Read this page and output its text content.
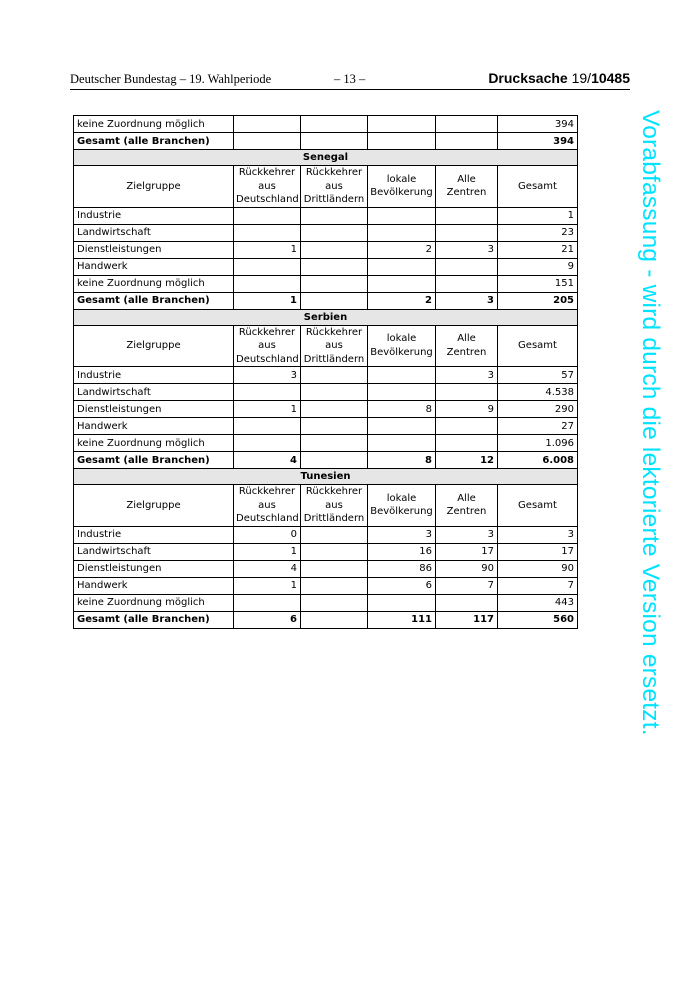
Deutscher Bundestag – 19. Wahlperiode	– 13 –	Drucksache 19/10485
keine Zuordnung möglich					394
Gesamt (alle Branchen)					394
Senegal					
Zielgruppe	Rückkehrer aus Deutschland	Rückkehrer aus Drittländern	lokale Bevölkerung	Alle Zentren	Gesamt
Industrie					1
Landwirtschaft					23
Dienstleistungen	1		2	3	21
Handwerk					9
keine Zuordnung möglich					151
Gesamt (alle Branchen)	1		2	3	205
Serbien					
Zielgruppe	Rückkehrer aus Deutschland	Rückkehrer aus Drittländern	lokale Bevölkerung	Alle Zentren	Gesamt
Industrie	3			3	57
Landwirtschaft					4.538
Dienstleistungen	1		8	9	290
Handwerk					27
keine Zuordnung möglich					1.096
Gesamt (alle Branchen)	4		8	12	6.008
Tunesien					
Zielgruppe	Rückkehrer aus Deutschland	Rückkehrer aus Drittländern	lokale Bevölkerung	Alle Zentren	Gesamt
Industrie	0		3	3	3
Landwirtschaft	1		16	17	17
Dienstleistungen	4		86	90	90
Handwerk	1		6	7	7
keine Zuordnung möglich					443
Gesamt (alle Branchen)	6		111	117	560	Vorabfassung - wird durch die lektorierte Version ersetzt.
